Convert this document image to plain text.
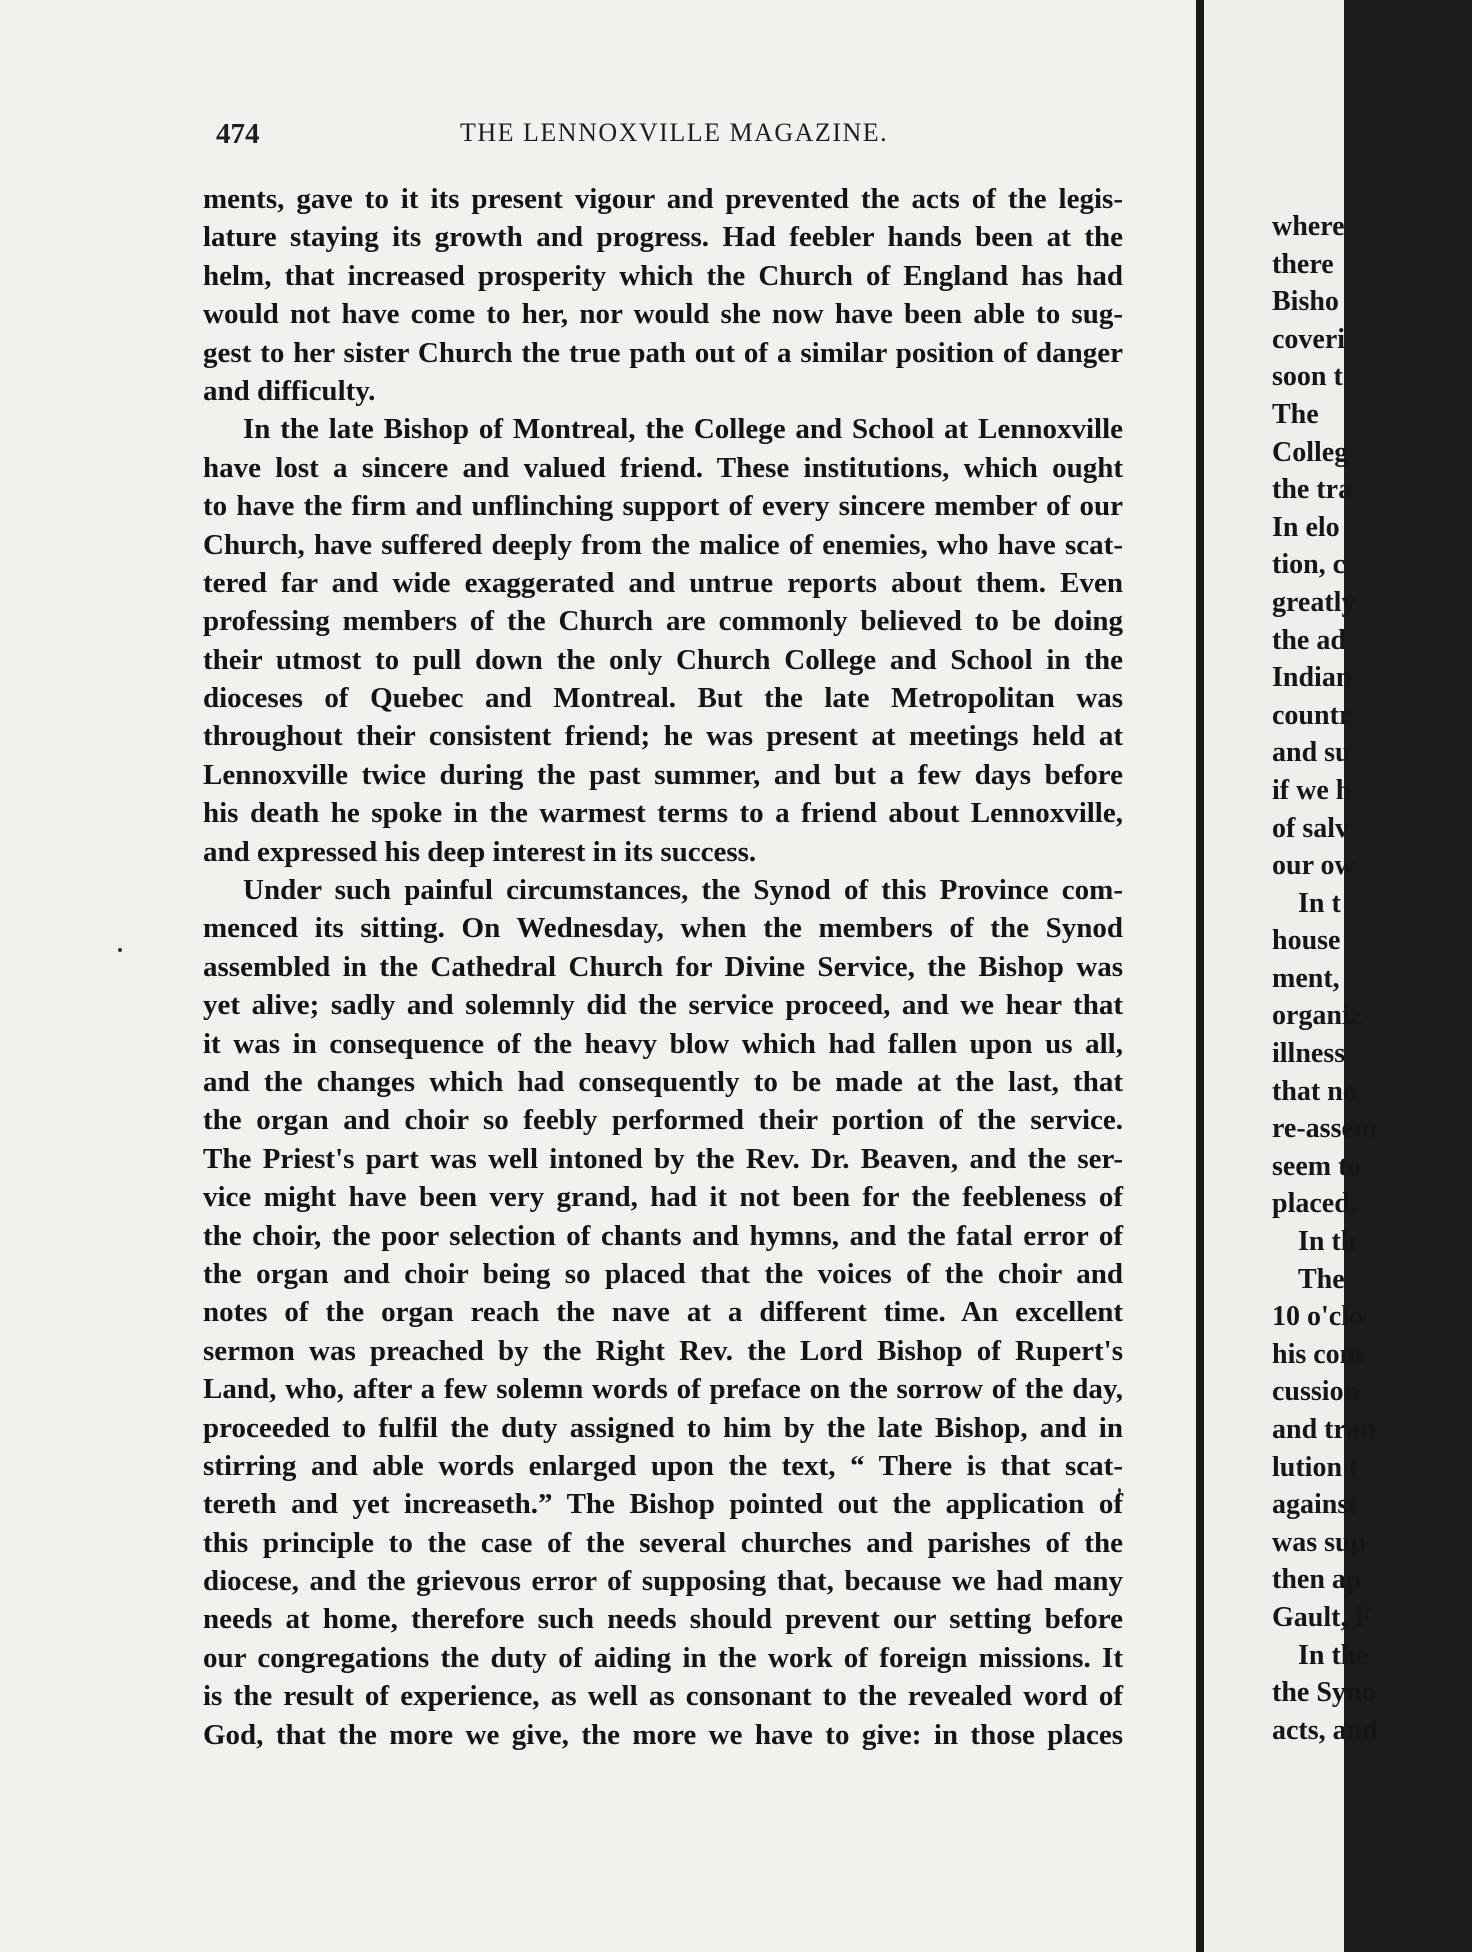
474	THE LENNOXVILLE MAGAZINE.
ments, gave to it its present vigour and prevented the acts of the legis-
lature staying its growth and progress. Had feebler hands been at the
helm, that increased prosperity which the Church of England has had
would not have come to her, nor would she now have been able to sug-
gest to her sister Church the true path out of a similar position of danger
and difficulty.
In the late Bishop of Montreal, the College and School at Lennoxville
have lost a sincere and valued friend. These institutions, which ought
to have the firm and unflinching support of every sincere member of our
Church, have suffered deeply from the malice of enemies, who have scat-
tered far and wide exaggerated and untrue reports about them. Even
professing members of the Church are commonly believed to be doing
their utmost to pull down the only Church College and School in the
dioceses of Quebec and Montreal. But the late Metropolitan was
throughout their consistent friend; he was present at meetings held at
Lennoxville twice during the past summer, and but a few days before
his death he spoke in the warmest terms to a friend about Lennoxville,
and expressed his deep interest in its success.
Under such painful circumstances, the Synod of this Province com-
menced its sitting. On Wednesday, when the members of the Synod
assembled in the Cathedral Church for Divine Service, the Bishop was
yet alive; sadly and solemnly did the service proceed, and we hear that
it was in consequence of the heavy blow which had fallen upon us all,
and the changes which had consequently to be made at the last, that
the organ and choir so feebly performed their portion of the service.
The Priest's part was well intoned by the Rev. Dr. Beaven, and the ser-
vice might have been very grand, had it not been for the feebleness of
the choir, the poor selection of chants and hymns, and the fatal error of
the organ and choir being so placed that the voices of the choir and
notes of the organ reach the nave at a different time. An excellent
sermon was preached by the Right Rev. the Lord Bishop of Rupert's
Land, who, after a few solemn words of preface on the sorrow of the day,
proceeded to fulfil the duty assigned to him by the late Bishop, and in
stirring and able words enlarged upon the text, “ There is that scat-
tereth and yet increaseth.” The Bishop pointed out the application of
this principle to the case of the several churches and parishes of the
diocese, and the grievous error of supposing that, because we had many
needs at home, therefore such needs should prevent our setting before
our congregations the duty of aiding in the work of foreign missions. It
is the result of experience, as well as consonant to the revealed word of
God, that the more we give, the more we have to give: in those places
where
there
Bisho
coveri
soon t
The
Colleg
the tra
In elo
tion, c
greatly
the ad
Indian
countr
and su
if we h
of salv
our ow
In t
house
ment,
organiz
illness
that no
re-assem
seem to
placed.
In th
The
10 o'clo
his com
cussion
and tran
lution t
against
was sup
then ap
Gault, F
In the
the Syno
acts, and
